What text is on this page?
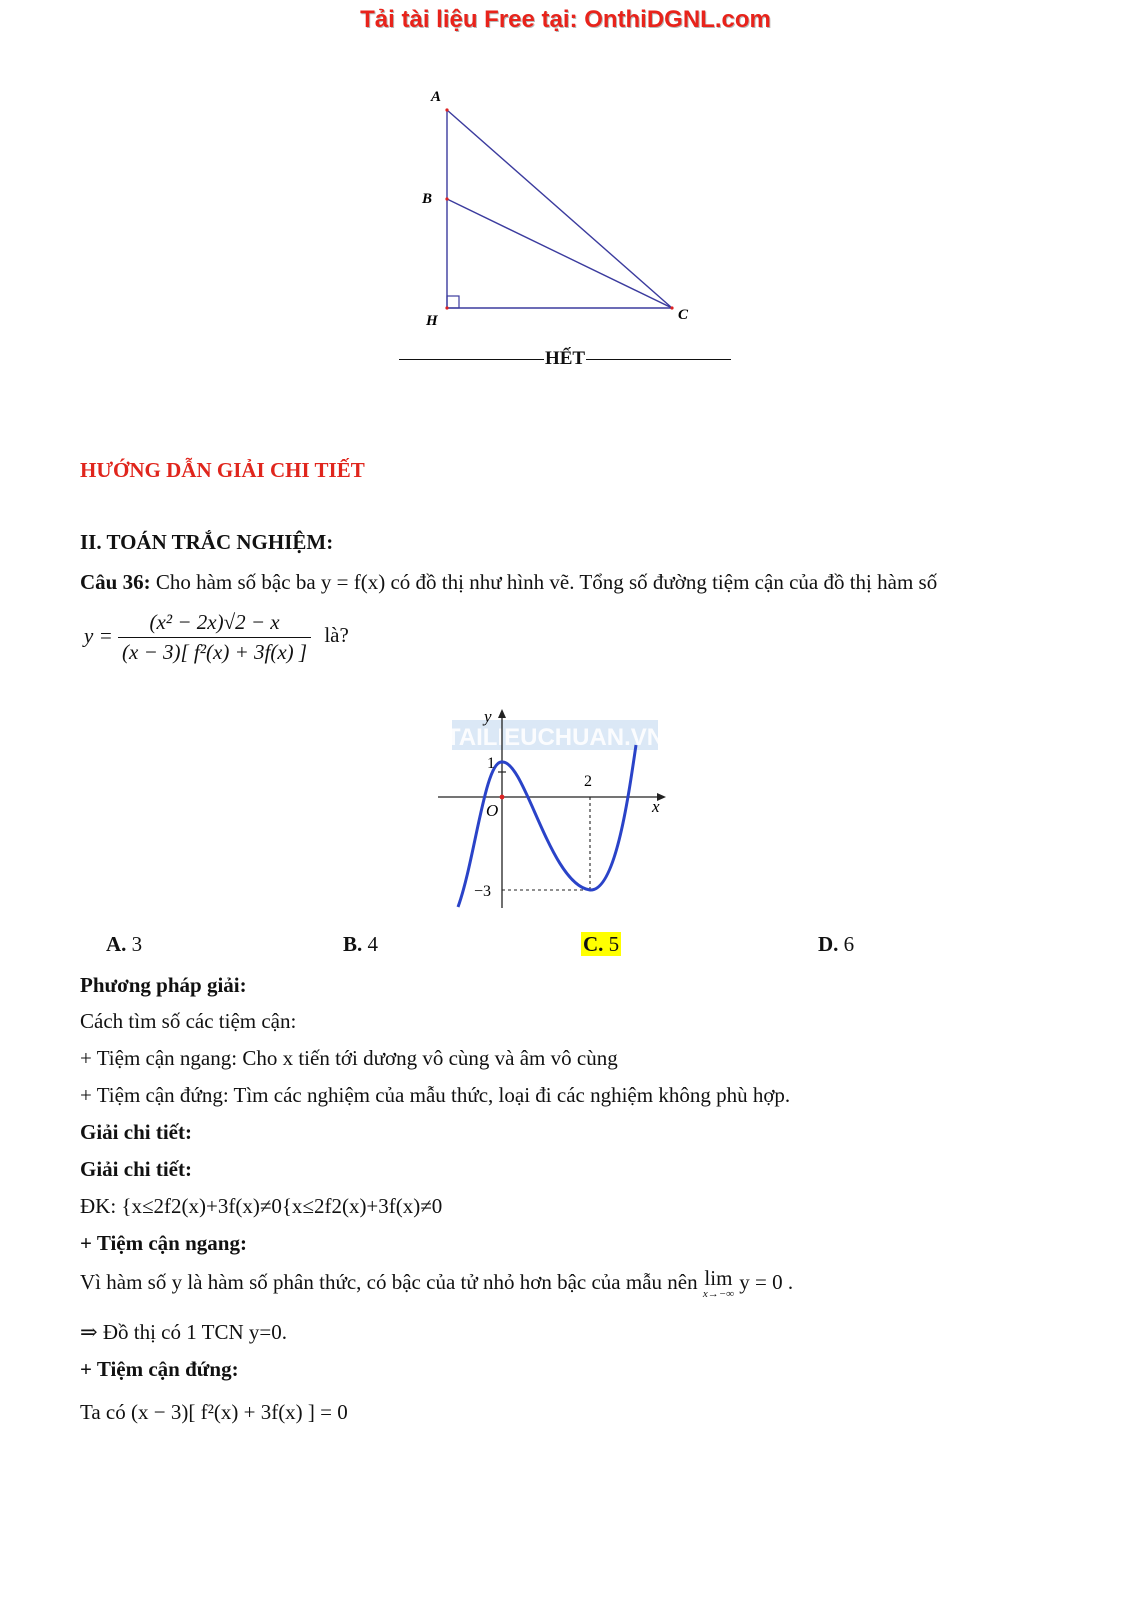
Tải tài liệu Free tại: OnthiDGNL.com
A
B
H	C
HẾT
HƯỚNG DẪN GIẢI CHI TIẾT
II. TOÁN TRẮC NGHIỆM:
Câu 36: Cho hàm số bậc ba y = f(x) có đồ thị như hình vẽ. Tổng số đường tiệm cận của đồ thị hàm số
$y = \frac{\text{(x² − 2x)√2 − x}}{\text{(x − 3)[ f²(x) + 3f(x) ]}}$ là?
TAILIEUCHUAN.VN
y
x
O
1
2
−3
A. 3	B. 4	C. 5	D. 6
Phương pháp giải:
Cách tìm số các tiệm cận:
+ Tiệm cận ngang: Cho x tiến tới dương vô cùng và âm vô cùng
+ Tiệm cận đứng: Tìm các nghiệm của mẫu thức, loại đi các nghiệm không phù hợp.
Giải chi tiết:
Giải chi tiết:
ĐK: {x≤2f2(x)+3f(x)≠0{x≤2f2(x)+3f(x)≠0
+ Tiệm cận ngang:
Vì hàm số y là hàm số phân thức, có bậc của tử nhỏ hơn bậc của mẫu nên lim
x→−∞
y = 0 .
⇒ Đồ thị có 1 TCN y=0.
+ Tiệm cận đứng:
Ta có (x − 3)[ f²(x) + 3f(x) ] = 0
